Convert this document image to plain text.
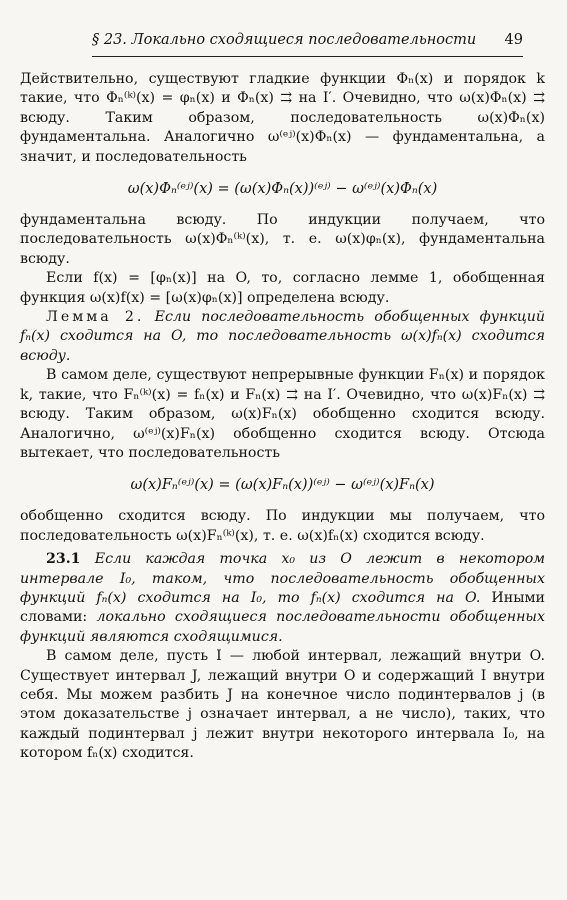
§ 23. Локально сходящиеся последовательности 49

Действительно, существуют гладкие функции Φₙ(x) и порядок k такие, что Φₙ⁽ᵏ⁾(x) = φₙ(x) и Φₙ(x) ⇉ на I′. Очевидно, что ω(x)Φₙ(x) ⇉ всюду. Таким образом, последовательность ω(x)Φₙ(x) фундаментальна. Аналогично ω⁽ᵉʲ⁾(x)Φₙ(x) — фундаментальна, а значит, и последовательность

ω(x)Φₙ⁽ᵉʲ⁾(x) = (ω(x)Φₙ(x))⁽ᵉʲ⁾ − ω⁽ᵉʲ⁾(x)Φₙ(x)

фундаментальна всюду. По индукции получаем, что последовательность ω(x)Φₙ⁽ᵏ⁾(x), т. е. ω(x)φₙ(x), фундаментальна всюду.

Если f(x) = [φₙ(x)] на O, то, согласно лемме 1, обобщенная функция ω(x)f(x) = [ω(x)φₙ(x)] определена всюду.

Лемма 2. Если последовательность обобщенных функций fₙ(x) сходится на O, то последовательность ω(x)fₙ(x) сходится всюду.

В самом деле, существуют непрерывные функции Fₙ(x) и порядок k, такие, что Fₙ⁽ᵏ⁾(x) = fₙ(x) и Fₙ(x) ⇉ на I′. Очевидно, что ω(x)Fₙ(x) ⇉ всюду. Таким образом, ω(x)Fₙ(x) обобщенно сходится всюду. Аналогично, ω⁽ᵉʲ⁾(x)Fₙ(x) обобщенно сходится всюду. Отсюда вытекает, что последовательность

ω(x)Fₙ⁽ᵉʲ⁾(x) = (ω(x)Fₙ(x))⁽ᵉʲ⁾ − ω⁽ᵉʲ⁾(x)Fₙ(x)

обобщенно сходится всюду. По индукции мы получаем, что последовательность ω(x)Fₙ⁽ᵏ⁾(x), т. е. ω(x)fₙ(x) сходится всюду.

23.1 Если каждая точка x₀ из O лежит в некотором интервале I₀, таком, что последовательность обобщенных функций fₙ(x) сходится на I₀, то fₙ(x) сходится на O. Иными словами: локально сходящиеся последовательности обобщенных функций являются сходящимися.

В самом деле, пусть I — любой интервал, лежащий внутри O. Существует интервал J, лежащий внутри O и содержащий I внутри себя. Мы можем разбить J на конечное число подинтервалов j (в этом доказательстве j означает интервал, а не число), таких, что каждый подинтервал j лежит внутри некоторого интервала I₀, на котором fₙ(x) сходится.
